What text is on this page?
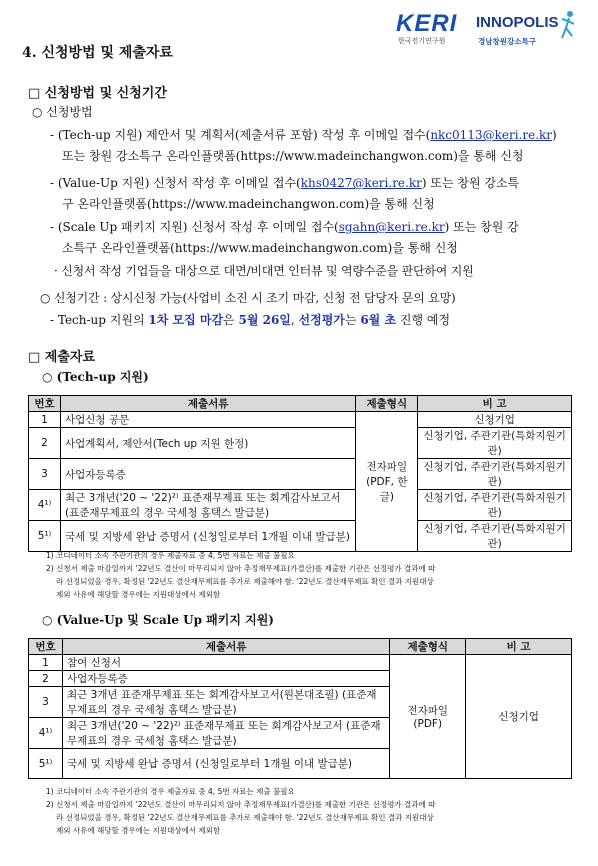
KERI
한국전기연구원
INNOPOLIS
경남창원강소특구
4. 신청방법 및 제출자료
□ 신청방법 및 신청기간
○ 신청방법
- (Tech-up 지원) 제안서 및 계획서(제출서류 포함) 작성 후 이메일 접수(nkc0113@keri.re.kr)
또는 창원 강소특구 온라인플랫폼(https://www.madeinchangwon.com)을 통해 신청
- (Value-Up 지원) 신청서 작성 후 이메일 접수(khs0427@keri.re.kr) 또는 창원 강소특
구 온라인플랫폼(https://www.madeinchangwon.com)을 통해 신청
- (Scale Up 패키지 지원) 신청서 작성 후 이메일 접수(sgahn@keri.re.kr) 또는 창원 강
소특구 온라인플랫폼(https://www.madeinchangwon.com)을 통해 신청
· 신청서 작성 기업들을 대상으로 대면/비대면 인터뷰 및 역량수준을 판단하여 지원
○ 신청기간 : 상시신청 가능(사업비 소진 시 조기 마감, 신청 전 담당자 문의 요망)
- Tech-up 지원의 1차 모집 마감은 5월 26일, 선정평가는 6월 초 진행 예정
□ 제출자료
○ (Tech-up 지원)
번호	제출서류	제출형식	비 고
1	사업신청 공문	전자파일 (PDF, 한글)	신청기업
2	사업계획서, 제안서(Tech up 지원 한정)		신청기업, 주관기관(특화지원기관)
3	사업자등록증		신청기업, 주관기관(특화지원기관)
4¹⁾	최근 3개년('20 ~ '22)²⁾ 표준재무제표 또는 회계감사보고서 (표준재무제표의 경우 국세청 홈택스 발급분)		신청기업, 주관기관(특화지원기관)
5¹⁾	국세 및 지방세 완납 증명서 (신청일로부터 1개월 이내 발급분)		신청기업, 주관기관(특화지원기관)
1) 코디네이터 소속 주관기관의 경우 제출자료 중 4, 5번 자료는 제출 불필요
2) 신청서 제출 마감일까지 '22년도 결산이 마무리되지 않아 추정재무제표(가결산)를 제출한 기관은 선정평가 결과에 따
라 선정되었을 경우, 확정된 '22년도 결산재무제표를 추가로 제출해야 함. '22년도 결산재무제표 확인 결과 지원대상
제외 사유에 해당할 경우에는 지원대상에서 제외함
○ (Value-Up 및 Scale Up 패키지 지원)
번호	제출서류	제출형식	비 고
1	참여 신청서	전자파일 (PDF)	신청기업
2	사업자등록증		
3	최근 3개년 표준재무제표 또는 회계감사보고서(원본대조필) (표준재무제표의 경우 국세청 홈택스 발급분)		
4¹⁾	최근 3개년('20 ~ '22)²⁾ 표준재무제표 또는 회계감사보고서 (표준재무제표의 경우 국세청 홈택스 발급분)		
5¹⁾	국세 및 지방세 완납 증명서 (신청일로부터 1개월 이내 발급분)		
1) 코디네이터 소속 주관기관의 경우 제출자료 중 4, 5번 자료는 제출 불필요
2) 신청서 제출 마감일까지 '22년도 결산이 마무리되지 않아 추정재무제표(가결산)를 제출한 기관은 선정평가 결과에 따
라 선정되었을 경우, 확정된 '22년도 결산재무제표를 추가로 제출해야 함. '22년도 결산재무제표 확인 결과 지원대상
제외 사유에 해당할 경우에는 지원대상에서 제외함
